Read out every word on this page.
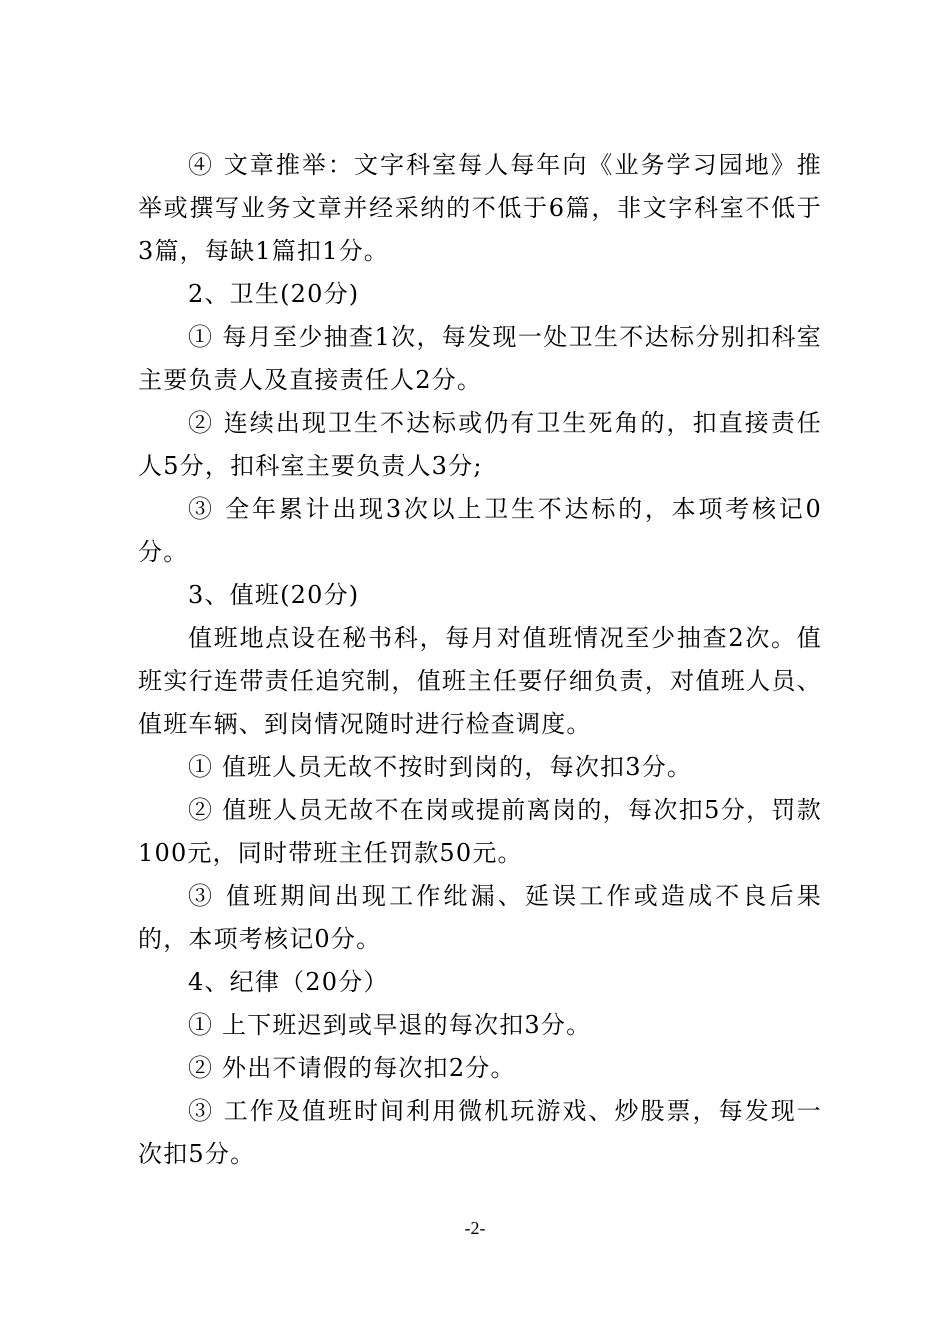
④ 文章推举：文字科室每人每年向《业务学习园地》推举或撰写业务文章并经采纳的不低于6篇，非文字科室不低于3篇，每缺1篇扣1分。

2、卫生(20分)

① 每月至少抽查1次，每发现一处卫生不达标分别扣科室主要负责人及直接责任人2分。

② 连续出现卫生不达标或仍有卫生死角的，扣直接责任人5分，扣科室主要负责人3分;

③ 全年累计出现3次以上卫生不达标的，本项考核记0分。

3、值班(20分)

值班地点设在秘书科，每月对值班情况至少抽查2次。值班实行连带责任追究制，值班主任要仔细负责，对值班人员、值班车辆、到岗情况随时进行检查调度。

① 值班人员无故不按时到岗的，每次扣3分。

② 值班人员无故不在岗或提前离岗的，每次扣5分，罚款100元，同时带班主任罚款50元。

③ 值班期间出现工作纰漏、延误工作或造成不良后果的，本项考核记0分。

4、纪律（20分）

① 上下班迟到或早退的每次扣3分。

② 外出不请假的每次扣2分。

③ 工作及值班时间利用微机玩游戏、炒股票，每发现一次扣5分。

-2-
